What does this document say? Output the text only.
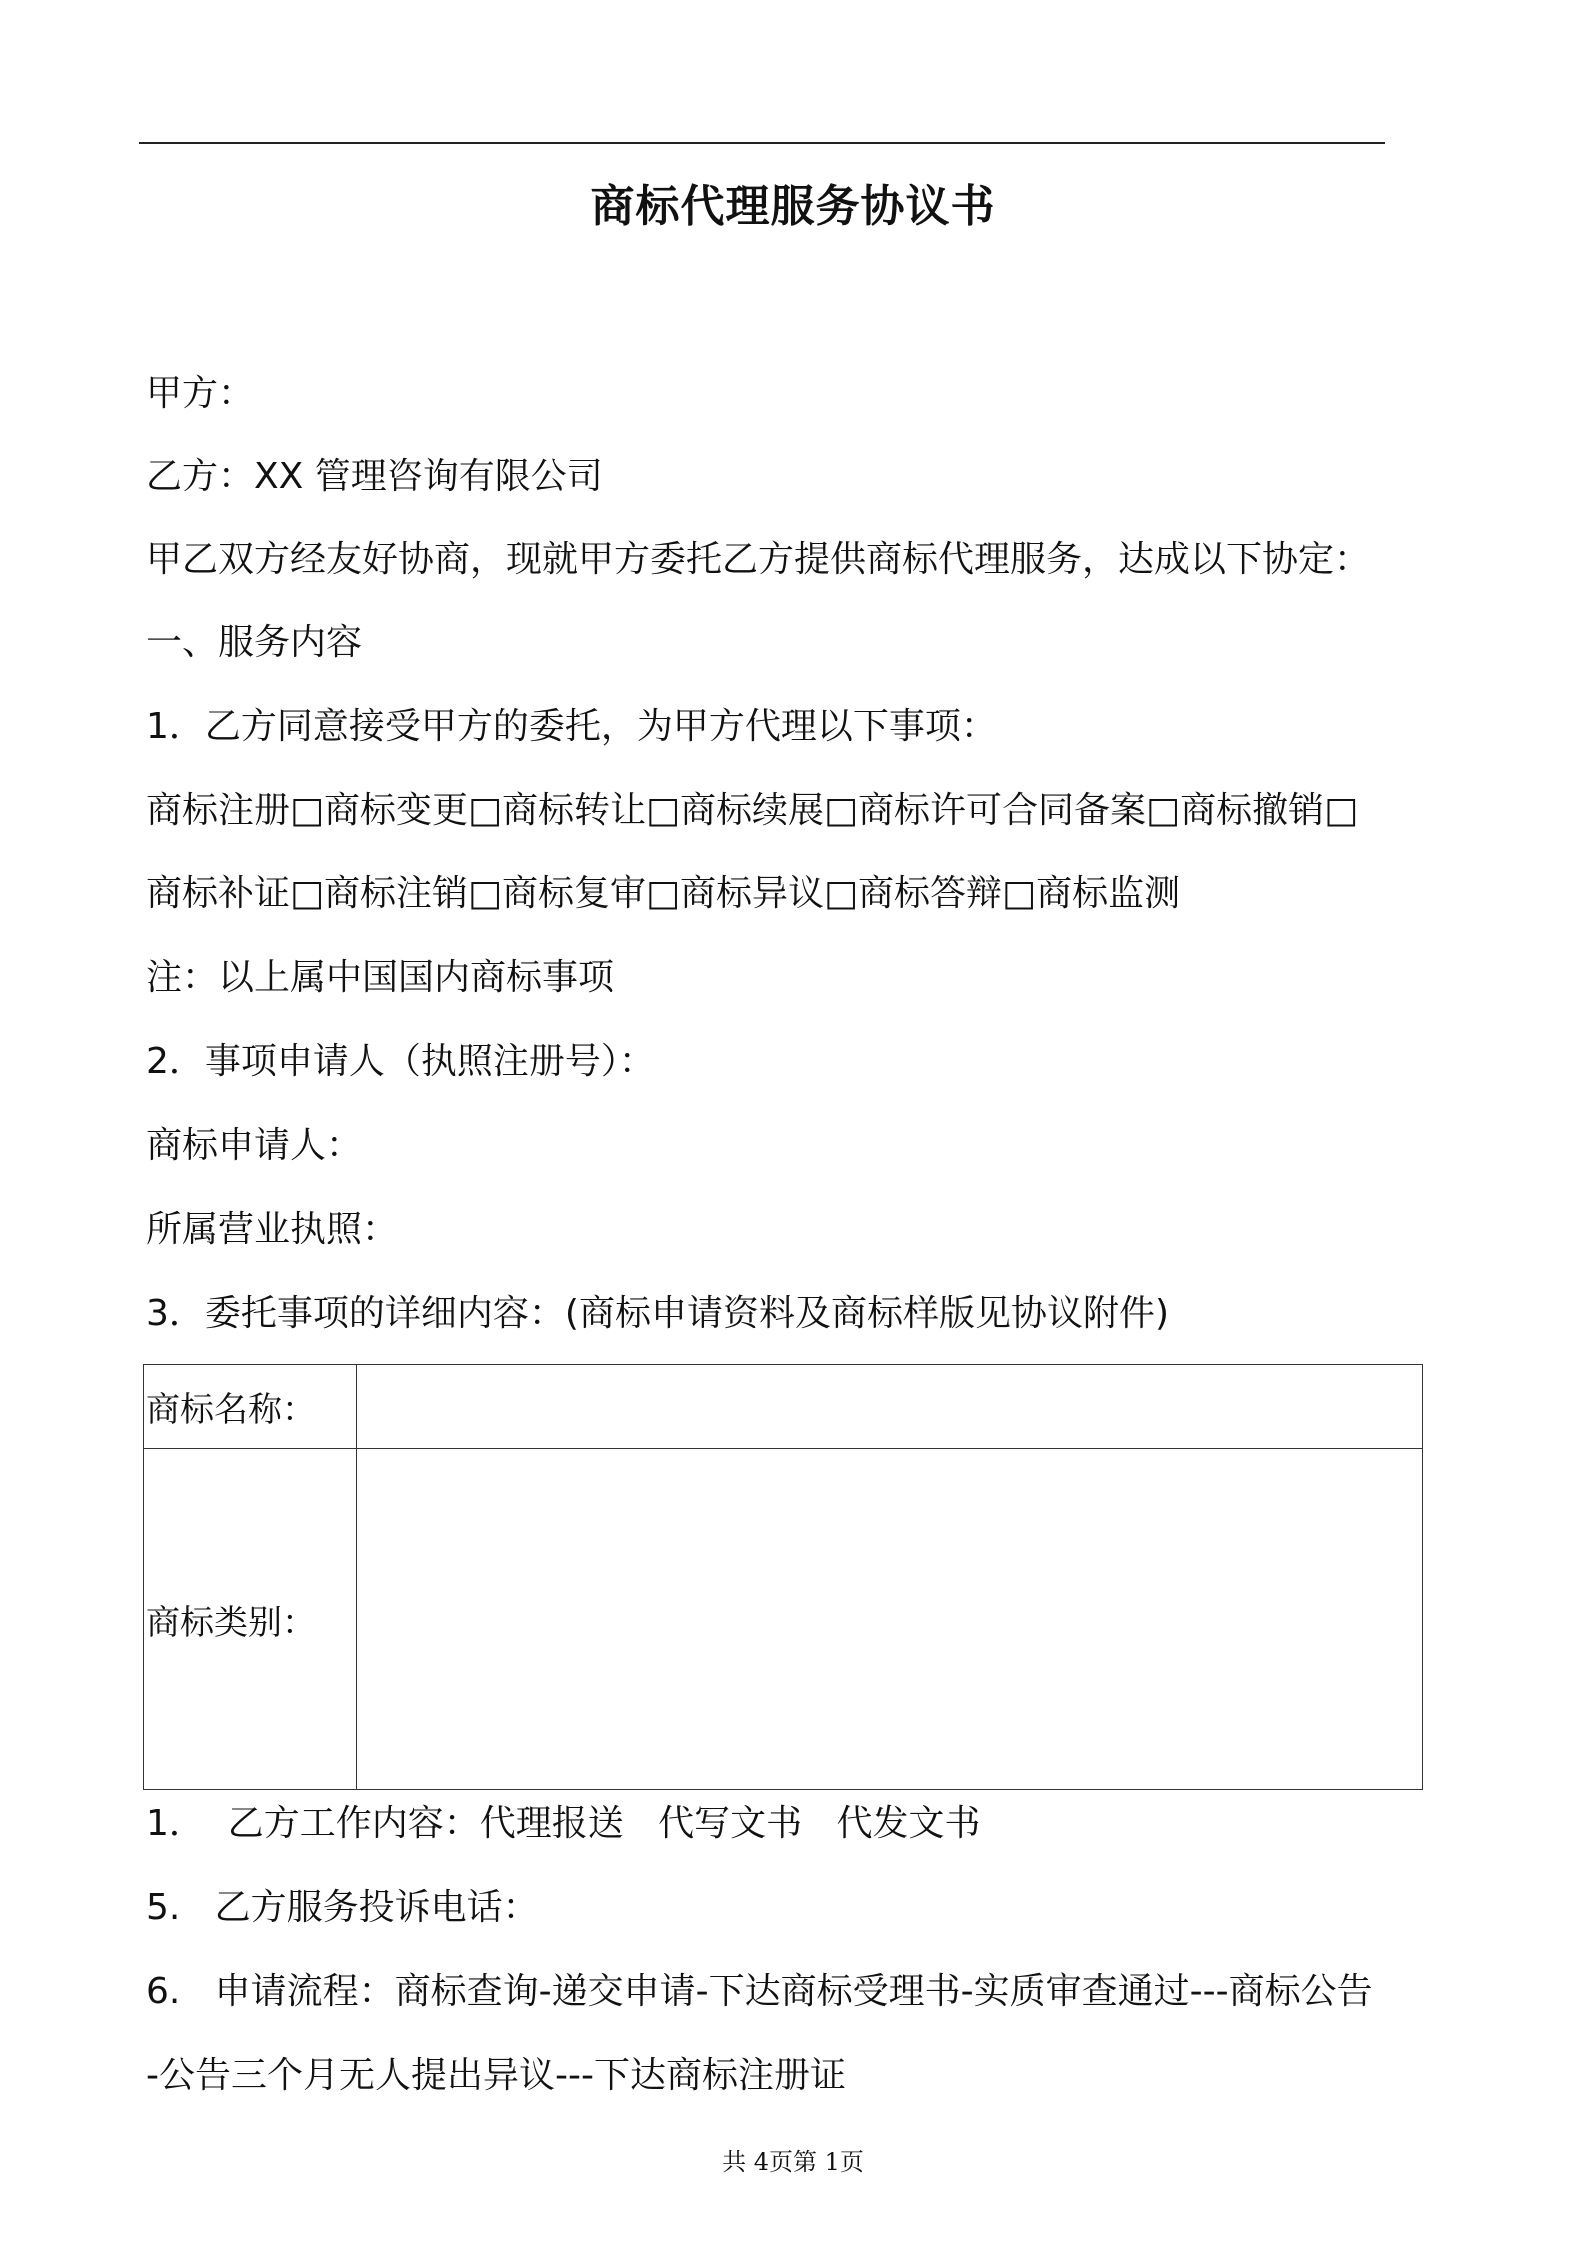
商标代理服务协议书
甲方：
乙方：XX 管理咨询有限公司
甲乙双方经友好协商，现就甲方委托乙方提供商标代理服务，达成以下协定：
一、服务内容
1．乙方同意接受甲方的委托，为甲方代理以下事项：
商标注册□商标变更□商标转让□商标续展□商标许可合同备案□商标撤销□
商标补证□商标注销□商标复审□商标异议□商标答辩□商标监测
注：以上属中国国内商标事项
2．事项申请人（执照注册号）：
商标申请人：
所属营业执照：
3．委托事项的详细内容：(商标申请资料及商标样版见协议附件)
商标名称：	
商标类别：	
1．  乙方工作内容：代理报送   代写文书   代发文书
5.   乙方服务投诉电话：
6.   申请流程：商标查询-递交申请-下达商标受理书-实质审查通过---商标公告
-公告三个月无人提出异议---下达商标注册证
共 4页第 1页
